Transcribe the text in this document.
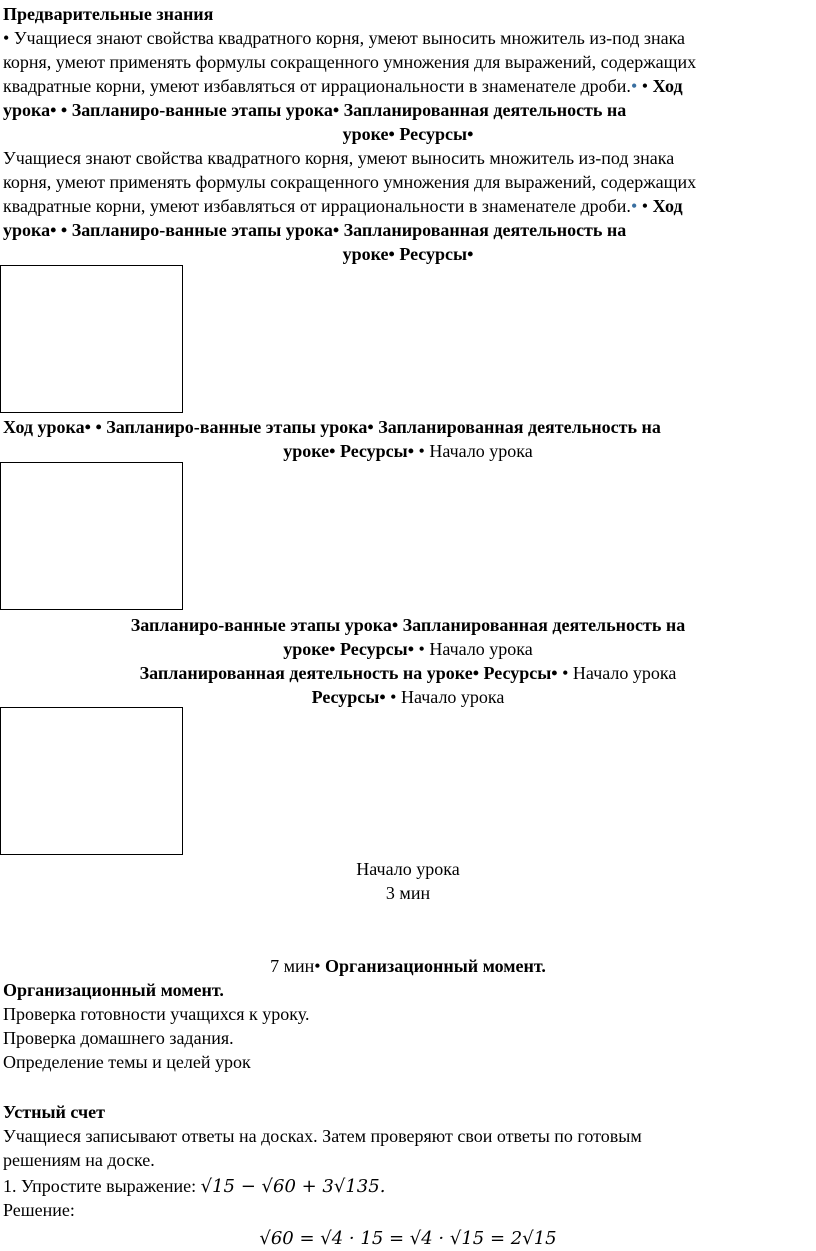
Предварительные знания
• Учащиеся знают свойства квадратного корня, умеют выносить множитель из-под знака
корня, умеют применять формулы сокращенного умножения для выражений, содержащих
квадратные корни, умеют избавляться от иррациональности в знаменателе дроби.• • Ход
урока• • Запланиро-ванные этапы урока• Запланированная деятельность на
уроке• Ресурсы•
Учащиеся знают свойства квадратного корня, умеют выносить множитель из-под знака
корня, умеют применять формулы сокращенного умножения для выражений, содержащих
квадратные корни, умеют избавляться от иррациональности в знаменателе дроби.• • Ход
урока• • Запланиро-ванные этапы урока• Запланированная деятельность на
уроке• Ресурсы•
Ход урока• • Запланиро-ванные этапы урока• Запланированная деятельность на
уроке• Ресурсы• • Начало урока
Запланиро-ванные этапы урока• Запланированная деятельность на
уроке• Ресурсы• • Начало урока
Запланированная деятельность на уроке• Ресурсы• • Начало урока
Ресурсы• • Начало урока
Начало урока
3 мин
7 мин• Организационный момент.
Организационный момент.
Проверка готовности учащихся к уроку.
Проверка домашнего задания.
Определение темы и целей урок
Устный счет
Учащиеся записывают ответы на досках. Затем проверяют свои ответы по готовым
решениям на доске.
1. Упростите выражение: √15 − √60 + 3√135.
Решение:
√60 = √4 · 15 = √4 · √15 = 2√15
